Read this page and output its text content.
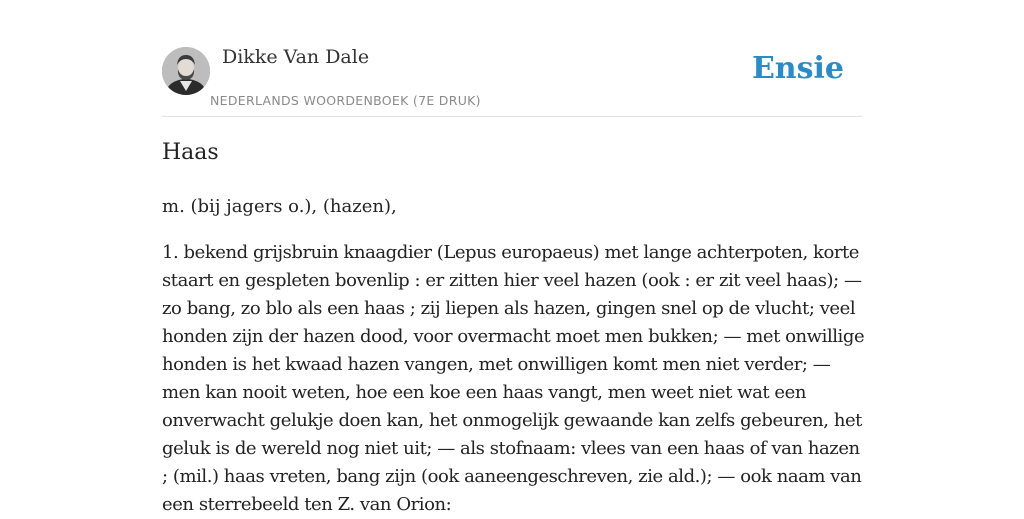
Dikke Van Dale
NEDERLANDS WOORDENBOEK (7E DRUK)
Ensie
Haas

m. (bij jagers o.), (hazen),

1. bekend grijsbruin knaagdier (Lepus europaeus) met lange achterpoten, korte staart en gespleten bovenlip : er zitten hier veel hazen (ook : er zit veel haas); — zo bang, zo blo als een haas ; zij liepen als hazen, gingen snel op de vlucht; veel honden zijn der hazen dood, voor overmacht moet men bukken; — met onwillige honden is het kwaad hazen vangen, met onwilligen komt men niet verder; — men kan nooit weten, hoe een koe een haas vangt, men weet niet wat een onverwacht gelukje doen kan, het onmogelijk gewaande kan zelfs gebeuren, het geluk is de wereld nog niet uit; — als stofnaam: vlees van een haas of van hazen ; (mil.) haas vreten, bang zijn (ook aaneengeschreven, zie ald.); — ook naam van een sterrebeeld ten Z. van Orion:
